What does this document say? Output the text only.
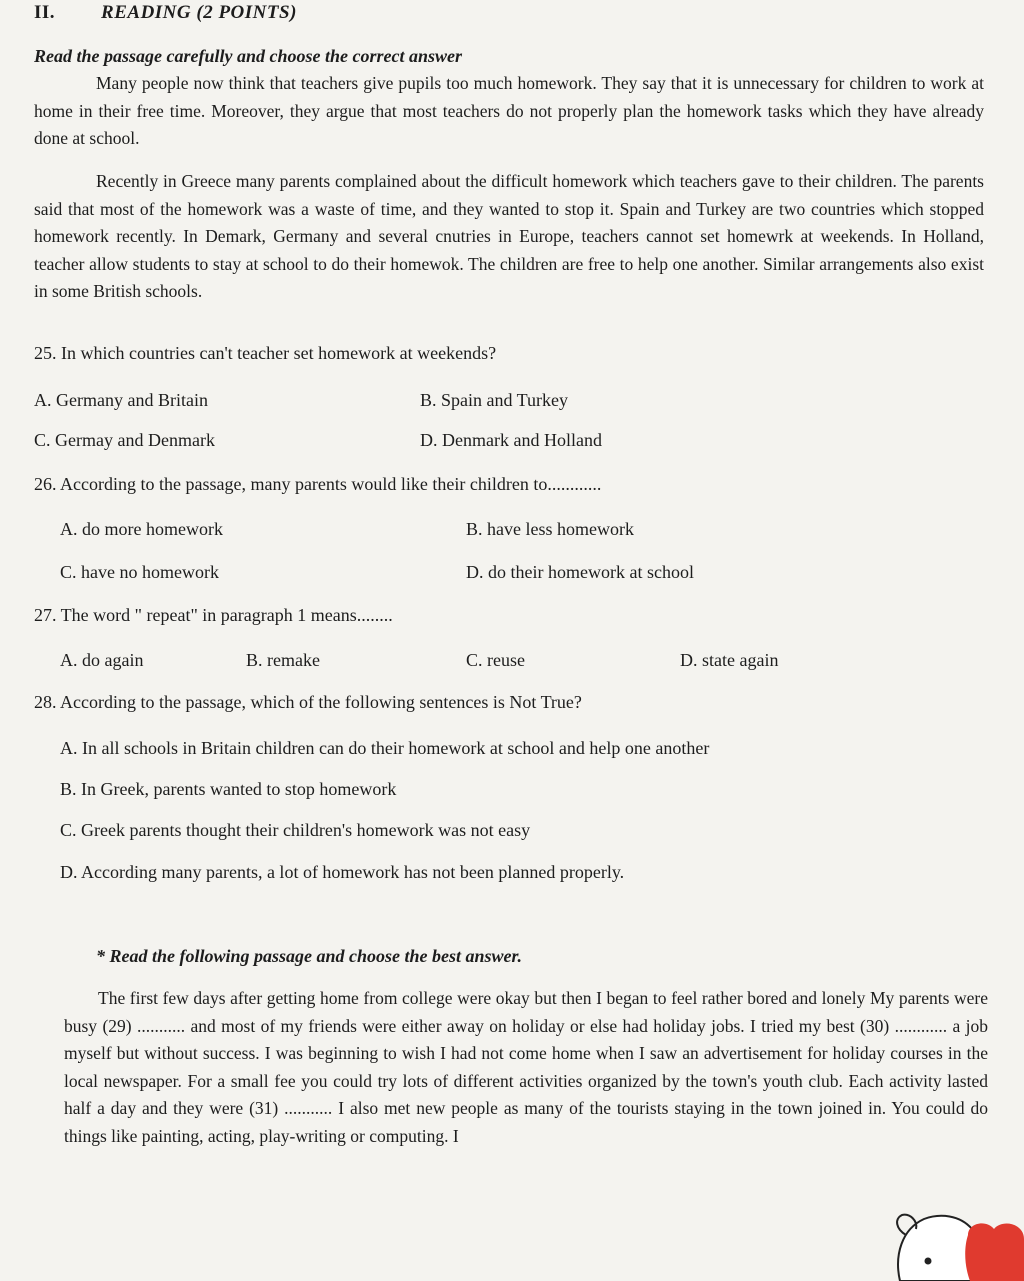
II. READING (2 POINTS)
Read the passage carefully and choose the correct answer
Many people now think that teachers give pupils too much homework. They say that it is unnecessary for children to work at home in their free time. Moreover, they argue that most teachers do not properly plan the homework tasks which they have already done at school.
Recently in Greece many parents complained about the difficult homework which teachers gave to their children. The parents said that most of the homework was a waste of time, and they wanted to stop it. Spain and Turkey are two countries which stopped homework recently. In Demark, Germany and several cnutries in Europe, teachers cannot set homewrk at weekends. In Holland, teacher allow students to stay at school to do their homewok. The children are free to help one another. Similar arrangements also exist in some British schools.
25. In which countries can't teacher set homework at weekends?
A. Germany and Britain	B. Spain and Turkey
C. Germay and Denmark	D. Denmark and Holland
26. According to the passage, many parents would like their children to............
A. do more homework	B. have less homework
C. have no homework	D. do their homework at school
27. The word " repeat" in paragraph 1 means........
A. do again	B. remake	C. reuse	D. state again
28. According to the passage, which of the following sentences is Not True?
A. In all schools in Britain children can do their homework at school and help one another
B. In Greek, parents wanted to stop homework
C. Greek parents thought their children's homework was not easy
D. According many parents, a lot of homework has not been planned properly.
* Read the following passage and choose the best answer.
The first few days after getting home from college were okay but then I began to feel rather bored and lonely My parents were busy (29) ........... and most of my friends were either away on holiday or else had holiday jobs. I tried my best (30) ............ a job myself but without success. I was beginning to wish I had not come home when I saw an advertisement for holiday courses in the local newspaper. For a small fee you could try lots of different activities organized by the town's youth club. Each activity lasted half a day and they were (31) ........... I also met new people as many of the tourists staying in the town joined in. You could do things like painting, acting, play-writing or computing. I
